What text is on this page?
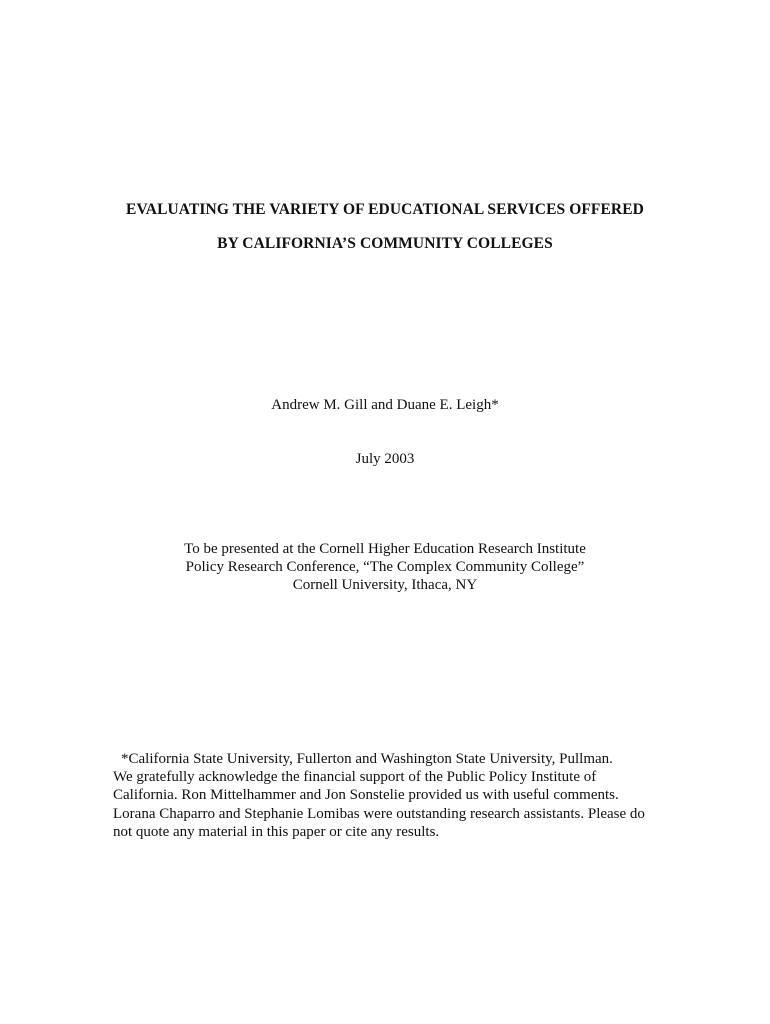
EVALUATING THE VARIETY OF EDUCATIONAL SERVICES OFFERED
BY CALIFORNIA’S COMMUNITY COLLEGES
Andrew M. Gill and Duane E. Leigh*
July 2003
To be presented at the Cornell Higher Education Research Institute
Policy Research Conference, “The Complex Community College”
Cornell University, Ithaca, NY
*California State University, Fullerton and Washington State University, Pullman.
We gratefully acknowledge the financial support of the Public Policy Institute of
California. Ron Mittelhammer and Jon Sonstelie provided us with useful comments.
Lorana Chaparro and Stephanie Lomibas were outstanding research assistants. Please do
not quote any material in this paper or cite any results.
